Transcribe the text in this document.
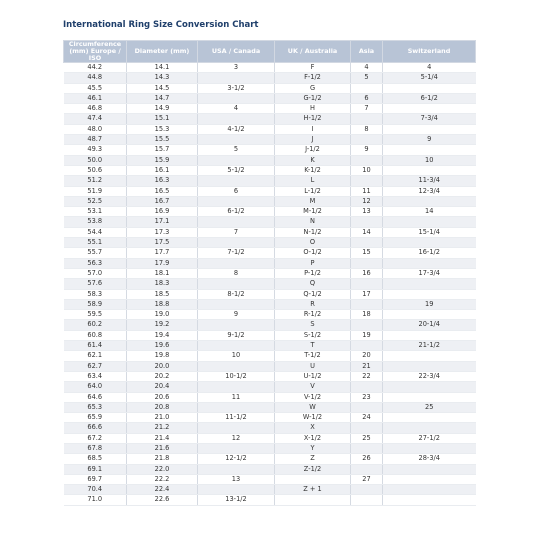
International Ring Size Conversion Chart
Circumference (mm) Europe / ISO	Diameter (mm)	USA / Canada	UK / Australia	Asia	Switzerland
44.2	14.1	3	F	4	4
44.8	14.3		F-1/2	5	5-1/4
45.5	14.5	3-1/2	G		
46.1	14.7		G-1/2	6	6-1/2
46.8	14.9	4	H	7	
47.4	15.1		H-1/2		7-3/4
48.0	15.3	4-1/2	I	8	
48.7	15.5		J		9
49.3	15.7	5	J-1/2	9	
50.0	15.9		K		10
50.6	16.1	5-1/2	K-1/2	10	
51.2	16.3		L		11-3/4
51.9	16.5	6	L-1/2	11	12-3/4
52.5	16.7		M	12	
53.1	16.9	6-1/2	M-1/2	13	14
53.8	17.1		N		
54.4	17.3	7	N-1/2	14	15-1/4
55.1	17.5		O		
55.7	17.7	7-1/2	O-1/2	15	16-1/2
56.3	17.9		P		
57.0	18.1	8	P-1/2	16	17-3/4
57.6	18.3		Q		
58.3	18.5	8-1/2	Q-1/2	17	
58.9	18.8		R		19
59.5	19.0	9	R-1/2	18	
60.2	19.2		S		20-1/4
60.8	19.4	9-1/2	S-1/2	19	
61.4	19.6		T		21-1/2
62.1	19.8	10	T-1/2	20	
62.7	20.0		U	21	
63.4	20.2	10-1/2	U-1/2	22	22-3/4
64.0	20.4		V		
64.6	20.6	11	V-1/2	23	
65.3	20.8		W		25
65.9	21.0	11-1/2	W-1/2	24	
66.6	21.2		X		
67.2	21.4	12	X-1/2	25	27-1/2
67.8	21.6		Y		
68.5	21.8	12-1/2	Z	26	28-3/4
69.1	22.0		Z-1/2		
69.7	22.2	13		27	
70.4	22.4		Z + 1		
71.0	22.6	13-1/2			
